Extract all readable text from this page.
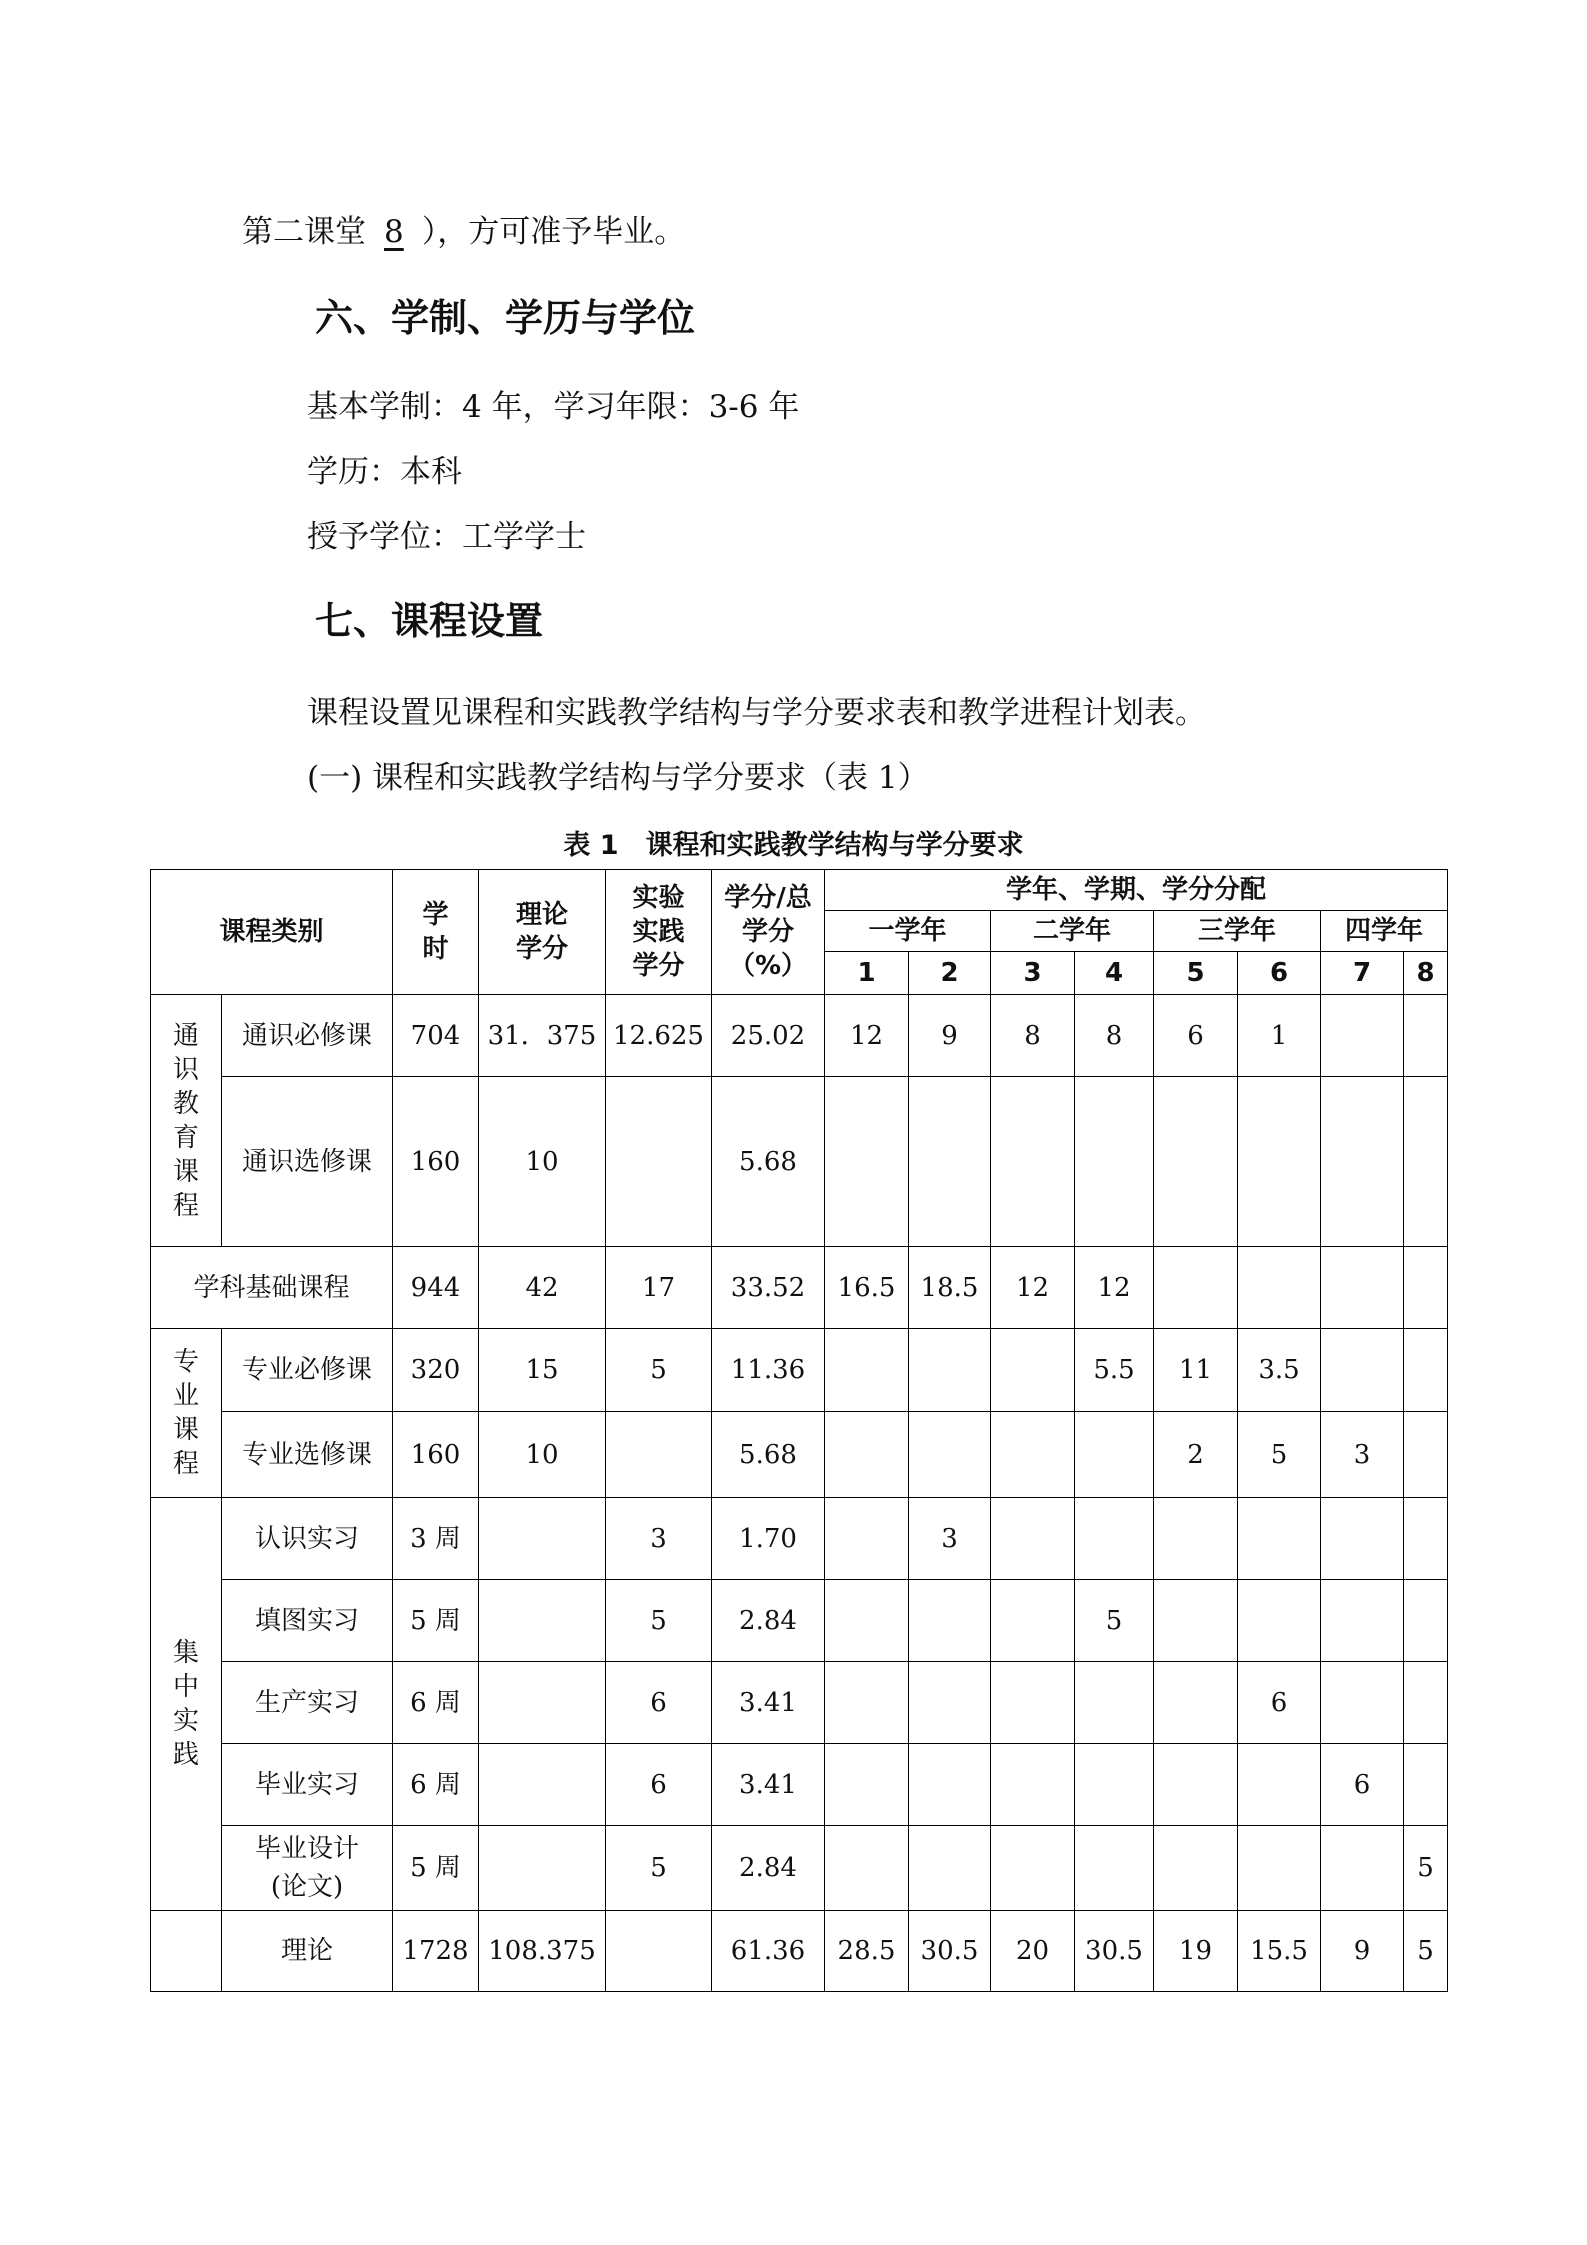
第二课堂 8 ），方可准予毕业。

六、学制、学历与学位

基本学制：4 年，学习年限：3-6 年

学历：本科

授予学位：工学学士

七、课程设置

课程设置见课程和实践教学结构与学分要求表和教学进程计划表。

(一) 课程和实践教学结构与学分要求（表 1）

表 1　课程和实践教学结构与学分要求

课程类别		学时	理论学分	实验实践学分	学分/总学分（%）	学年、学期、学分分配							
						一学年		二学年		三学年		四学年	
						1	2	3	4	5	6	7	8

通识教育课程	通识必修课	704	31．375	12.625	25.02	12	9	8	8	6	1		
	通识选修课	160	10		5.68								
学科基础课程		944	42	17	33.52	16.5	18.5	12	12				

专业课程	专业必修课	320	15	5	11.36				5.5	11	3.5		
	专业选修课	160	10		5.68					2	5	3	

集中实践	认识实习	3 周		3	1.70		3						
	填图实习	5 周		5	2.84				5				
	生产实习	6 周		6	3.41						6		
	毕业实习	6 周		6	3.41							6	

	毕业设计(论文)	5 周		5	2.84								5
	理论	1728	108.375		61.36	28.5	30.5	20	30.5	19	15.5	9	5
